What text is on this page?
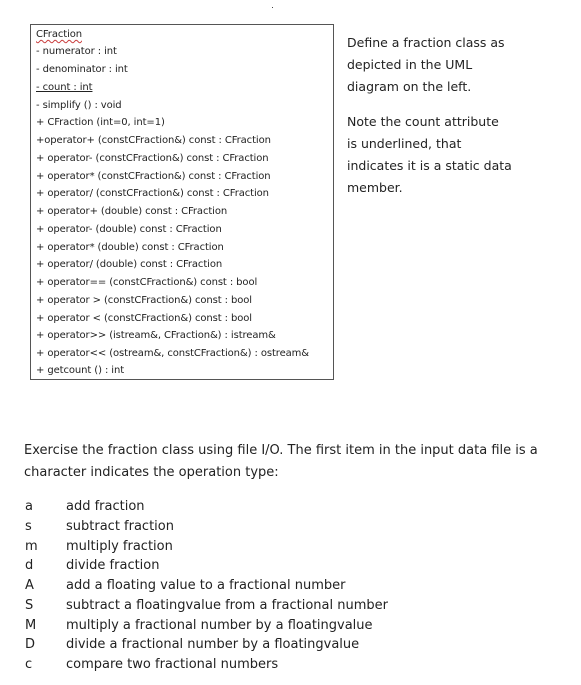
CFraction
- numerator : int
- denominator : int
- count : int
- simplify () : void
+ CFraction (int=0, int=1)
+operator+ (constCFraction&) const : CFraction
+ operator- (constCFraction&) const : CFraction
+ operator* (constCFraction&) const : CFraction
+ operator/ (constCFraction&) const : CFraction
+ operator+ (double) const : CFraction
+ operator- (double) const : CFraction
+ operator* (double) const : CFraction
+ operator/ (double) const : CFraction
+ operator== (constCFraction&) const : bool
+ operator > (constCFraction&) const : bool
+ operator < (constCFraction&) const : bool
+ operator>> (istream&, CFraction&) : istream&
+ operator<< (ostream&, constCFraction&) : ostream&
+ getcount () : int
Define a fraction class as
depicted in the UML
diagram on the left.
Note the count attribute
is underlined, that
indicates it is a static data
member.
Exercise the fraction class using file I/O. The first item in the input data file is a character indicates the operation type:
a	add fraction
s	subtract fraction
m	multiply fraction
d	divide fraction
A	add a floating value to a fractional number
S	subtract a floatingvalue from a fractional number
M	multiply a fractional number by a floatingvalue
D	divide a fractional number by a floatingvalue
c	compare two fractional numbers
